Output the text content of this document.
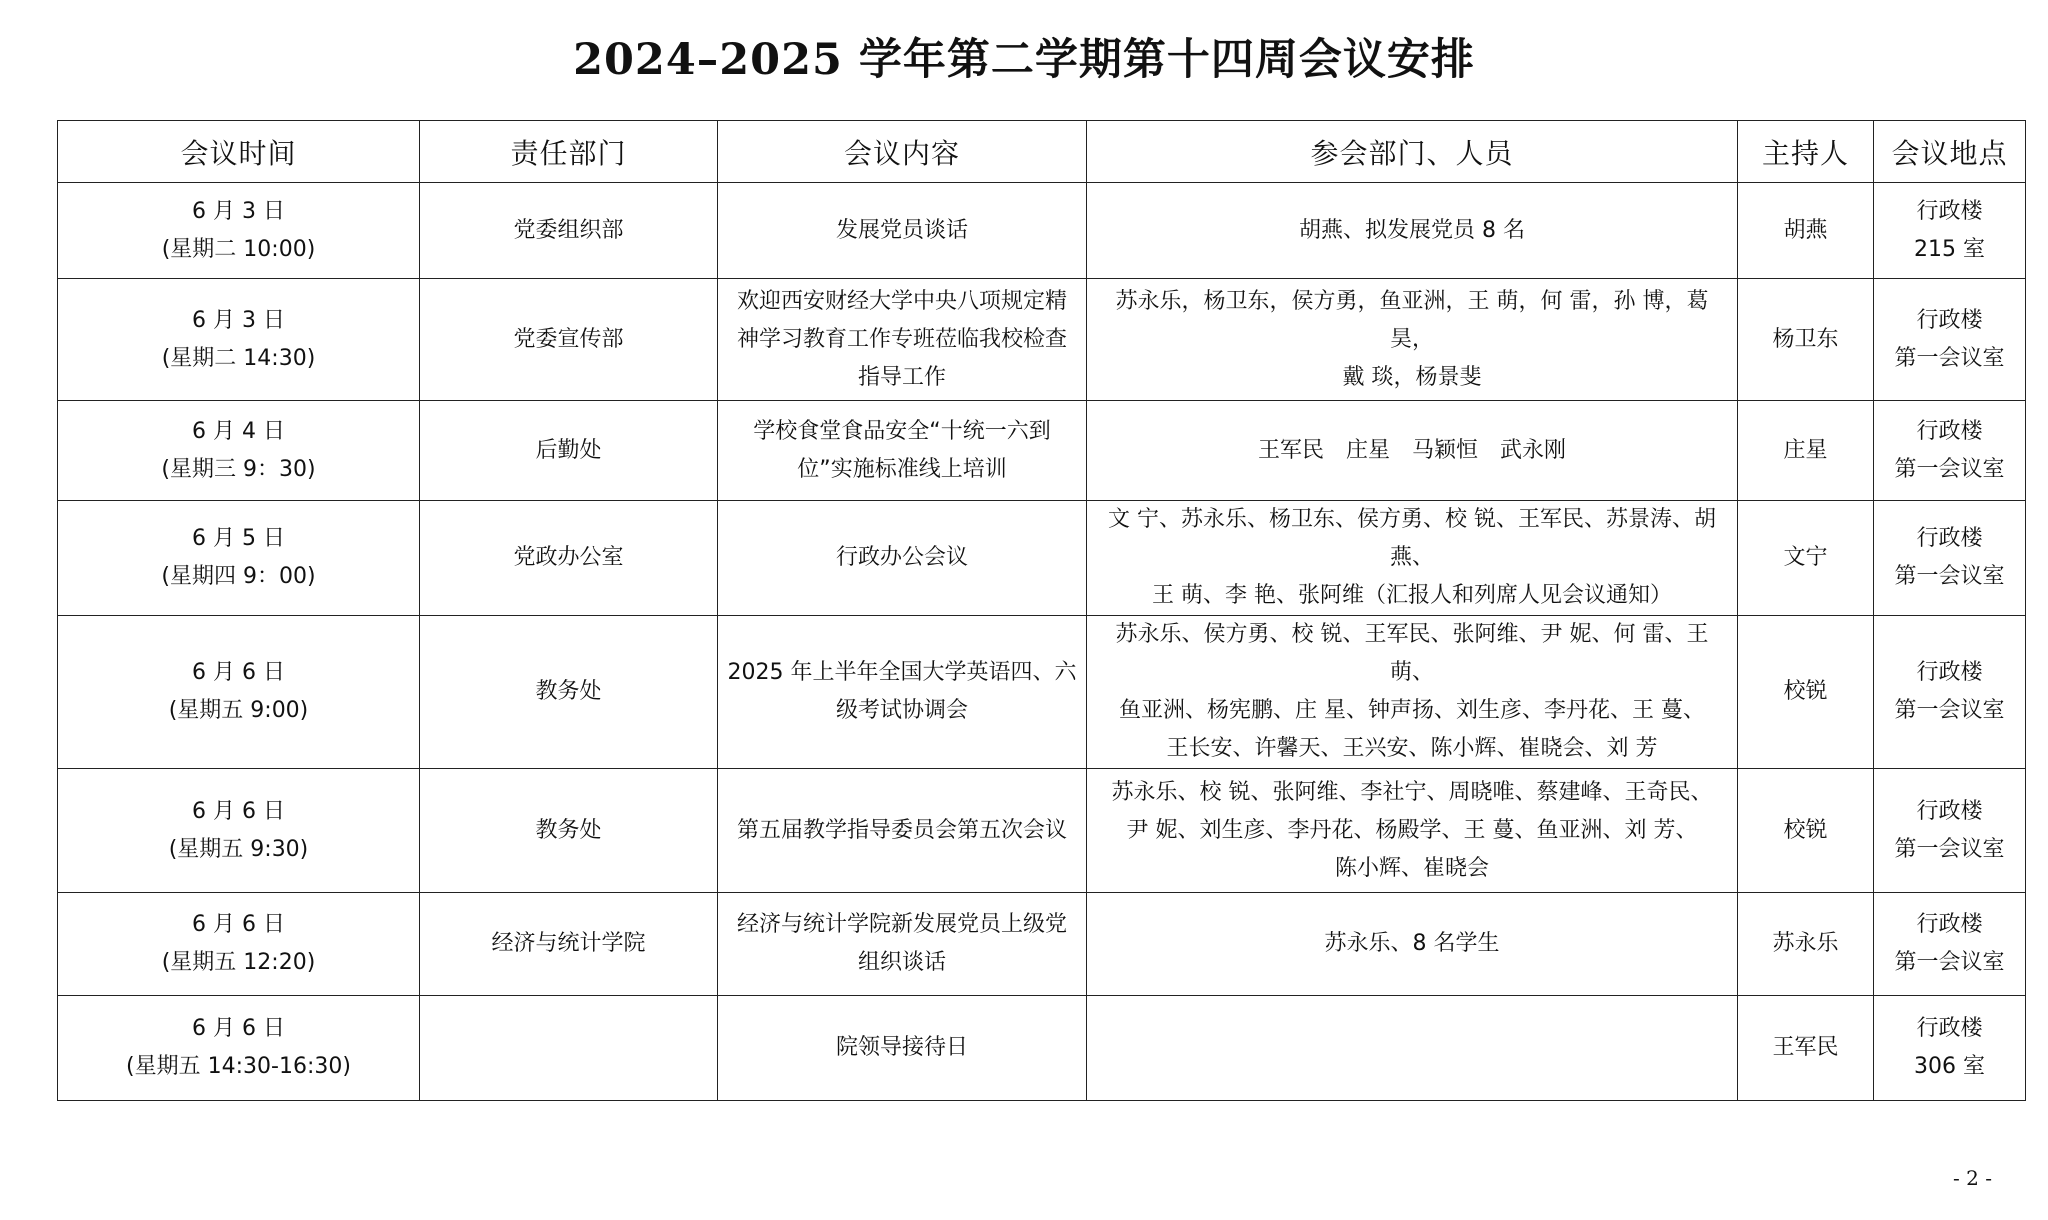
2024–2025 学年第二学期第十四周会议安排
会议时间	责任部门	会议内容	参会部门、人员	主持人	会议地点

6 月 3 日
(星期二 10:00)	党委组织部	发展党员谈话	胡燕、拟发展党员 8 名	胡燕	行政楼
215 室

6 月 3 日
(星期二 14:30)	党委宣传部	欢迎西安财经大学中央八项规定精
神学习教育工作专班莅临我校检查
指导工作	苏永乐，杨卫东，侯方勇，鱼亚洲，王 萌，何 雷，孙 博，葛 昊，
戴 琰，杨景斐	杨卫东	行政楼
第一会议室

6 月 4 日
(星期三 9：30)	后勤处	学校食堂食品安全“十统一六到
位”实施标准线上培训	王军民　庄星　马颖恒　武永刚	庄星	行政楼
第一会议室

6 月 5 日
(星期四 9：00)	党政办公室	行政办公会议	文 宁、苏永乐、杨卫东、侯方勇、校 锐、王军民、苏景涛、胡 燕、
王 萌、李 艳、张阿维（汇报人和列席人见会议通知）	文宁	行政楼
第一会议室

6 月 6 日
(星期五 9:00)	教务处	2025 年上半年全国大学英语四、六
级考试协调会	苏永乐、侯方勇、校 锐、王军民、张阿维、尹 妮、何 雷、王 萌、
鱼亚洲、杨宪鹏、庄 星、钟声扬、刘生彦、李丹花、王 蔓、
王长安、许馨天、王兴安、陈小辉、崔晓会、刘 芳	校锐	行政楼
第一会议室

6 月 6 日
(星期五 9:30)	教务处	第五届教学指导委员会第五次会议	苏永乐、校 锐、张阿维、李社宁、周晓唯、蔡建峰、王奇民、
尹 妮、刘生彦、李丹花、杨殿学、王 蔓、鱼亚洲、刘 芳、
陈小辉、崔晓会	校锐	行政楼
第一会议室

6 月 6 日
(星期五 12:20)	经济与统计学院	经济与统计学院新发展党员上级党
组织谈话	苏永乐、8 名学生	苏永乐	行政楼
第一会议室

6 月 6 日
(星期五 14:30-16:30)		院领导接待日		王军民	行政楼
306 室
- 2 -
